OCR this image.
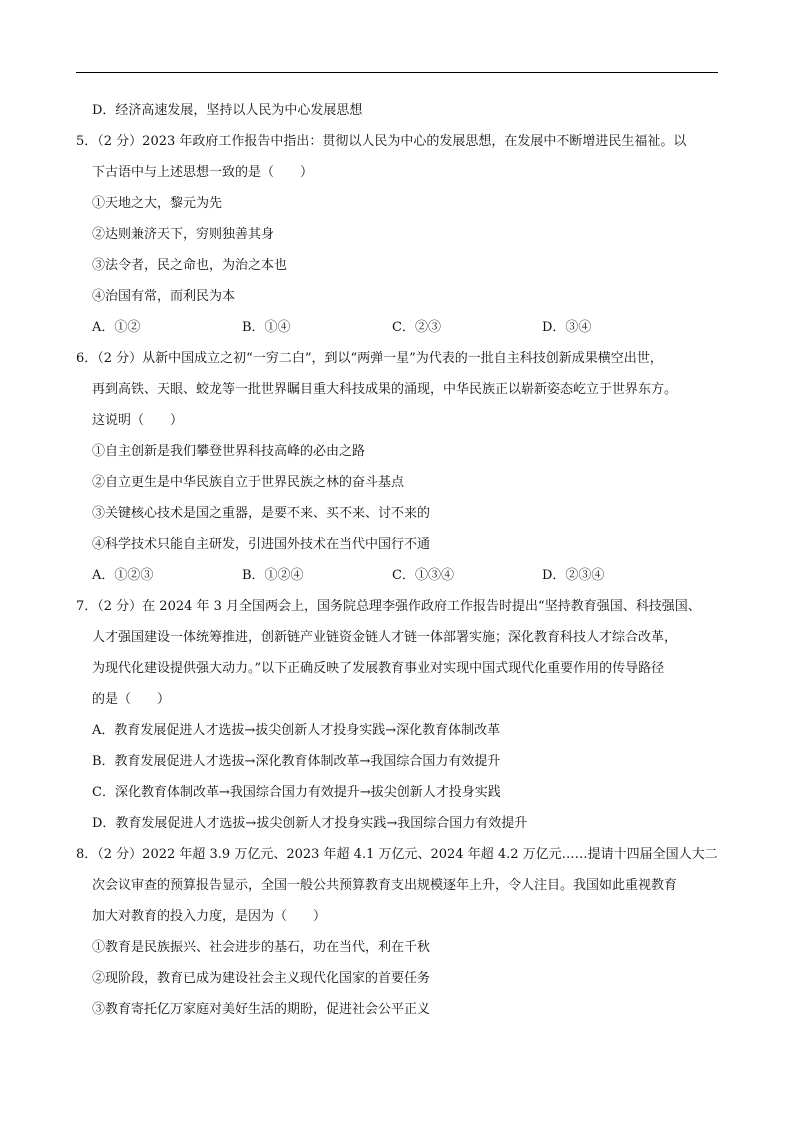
D．经济高速发展，坚持以人民为中心发展思想
5．（2 分）2023 年政府工作报告中指出：贯彻以人民为中心的发展思想，在发展中不断增进民生福祉。以
下古语中与上述思想一致的是（　　）
①天地之大，黎元为先
②达则兼济天下，穷则独善其身
③法令者，民之命也，为治之本也
④治国有常，而利民为本
A．①②	B．①④	C．②③	D．③④
6．（2 分）从新中国成立之初“一穷二白”，到以“两弹一星”为代表的一批自主科技创新成果横空出世，
再到高铁、天眼、蛟龙等一批世界瞩目重大科技成果的涌现，中华民族正以崭新姿态屹立于世界东方。
这说明（　　）
①自主创新是我们攀登世界科技高峰的必由之路
②自立更生是中华民族自立于世界民族之林的奋斗基点
③关键核心技术是国之重器，是要不来、买不来、讨不来的
④科学技术只能自主研发，引进国外技术在当代中国行不通
A．①②③	B．①②④	C．①③④	D．②③④
7．（2 分）在 2024 年 3 月全国两会上，国务院总理李强作政府工作报告时提出“坚持教育强国、科技强国、
人才强国建设一体统筹推进，创新链产业链资金链人才链一体部署实施；深化教育科技人才综合改革，
为现代化建设提供强大动力。”以下正确反映了发展教育事业对实现中国式现代化重要作用的传导路径
的是（　　）
A．教育发展促进人才选拔→拔尖创新人才投身实践→深化教育体制改革
B．教育发展促进人才选拔→深化教育体制改革→我国综合国力有效提升
C．深化教育体制改革→我国综合国力有效提升→拔尖创新人才投身实践
D．教育发展促进人才选拔→拔尖创新人才投身实践→我国综合国力有效提升
8．（2 分）2022 年超 3.9 万亿元、2023 年超 4.1 万亿元、2024 年超 4.2 万亿元……提请十四届全国人大二
次会议审查的预算报告显示，全国一般公共预算教育支出规模逐年上升，令人注目。我国如此重视教育
加大对教育的投入力度，是因为（　　）
①教育是民族振兴、社会进步的基石，功在当代，利在千秋
②现阶段，教育已成为建设社会主义现代化国家的首要任务
③教育寄托亿万家庭对美好生活的期盼，促进社会公平正义
